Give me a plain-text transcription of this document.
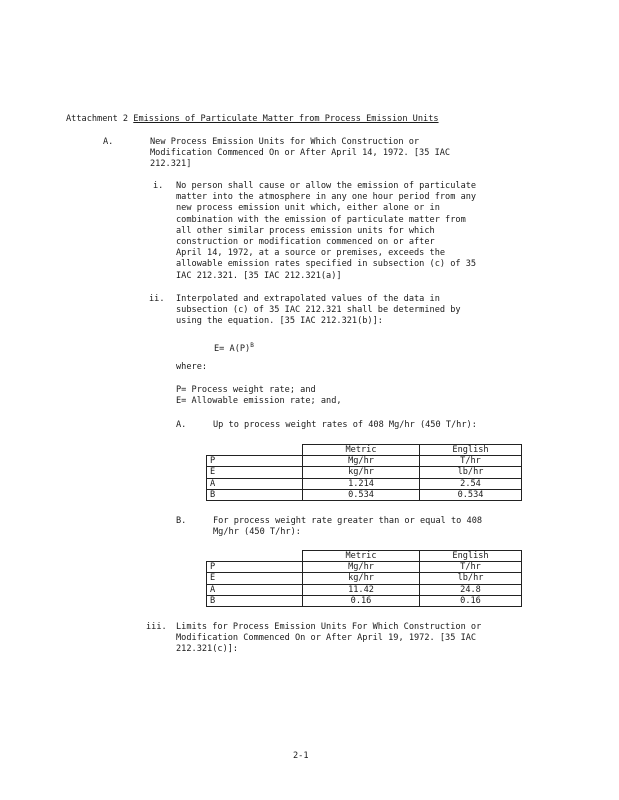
Attachment 2 Emissions of Particulate Matter from Process Emission Units
A.	New Process Emission Units for Which Construction or
Modification Commenced On or After April 14, 1972. [35 IAC
212.321]
i. No person shall cause or allow the emission of particulate
matter into the atmosphere in any one hour period from any
new process emission unit which, either alone or in
combination with the emission of particulate matter from
all other similar process emission units for which
construction or modification commenced on or after
April 14, 1972, at a source or premises, exceeds the
allowable emission rates specified in subsection (c) of 35
IAC 212.321. [35 IAC 212.321(a)]
ii. Interpolated and extrapolated values of the data in
subsection (c) of 35 IAC 212.321 shall be determined by
using the equation. [35 IAC 212.321(b)]:
$E= A(P)^B$
where:
P= Process weight rate; and
E= Allowable emission rate; and,
A.	Up to process weight rates of 408 Mg/hr (450 T/hr):
	Metric	English
P	Mg/hr	T/hr
E	kg/hr	lb/hr
A	1.214	2.54
B	0.534	0.534
B.	For process weight rate greater than or equal to 408
Mg/hr (450 T/hr):
	Metric	English
P	Mg/hr	T/hr
E	kg/hr	lb/hr
A	11.42	24.8
B	0.16	0.16
iii. Limits for Process Emission Units For Which Construction or
Modification Commenced On or After April 19, 1972. [35 IAC
212.321(c)]:
2-1
